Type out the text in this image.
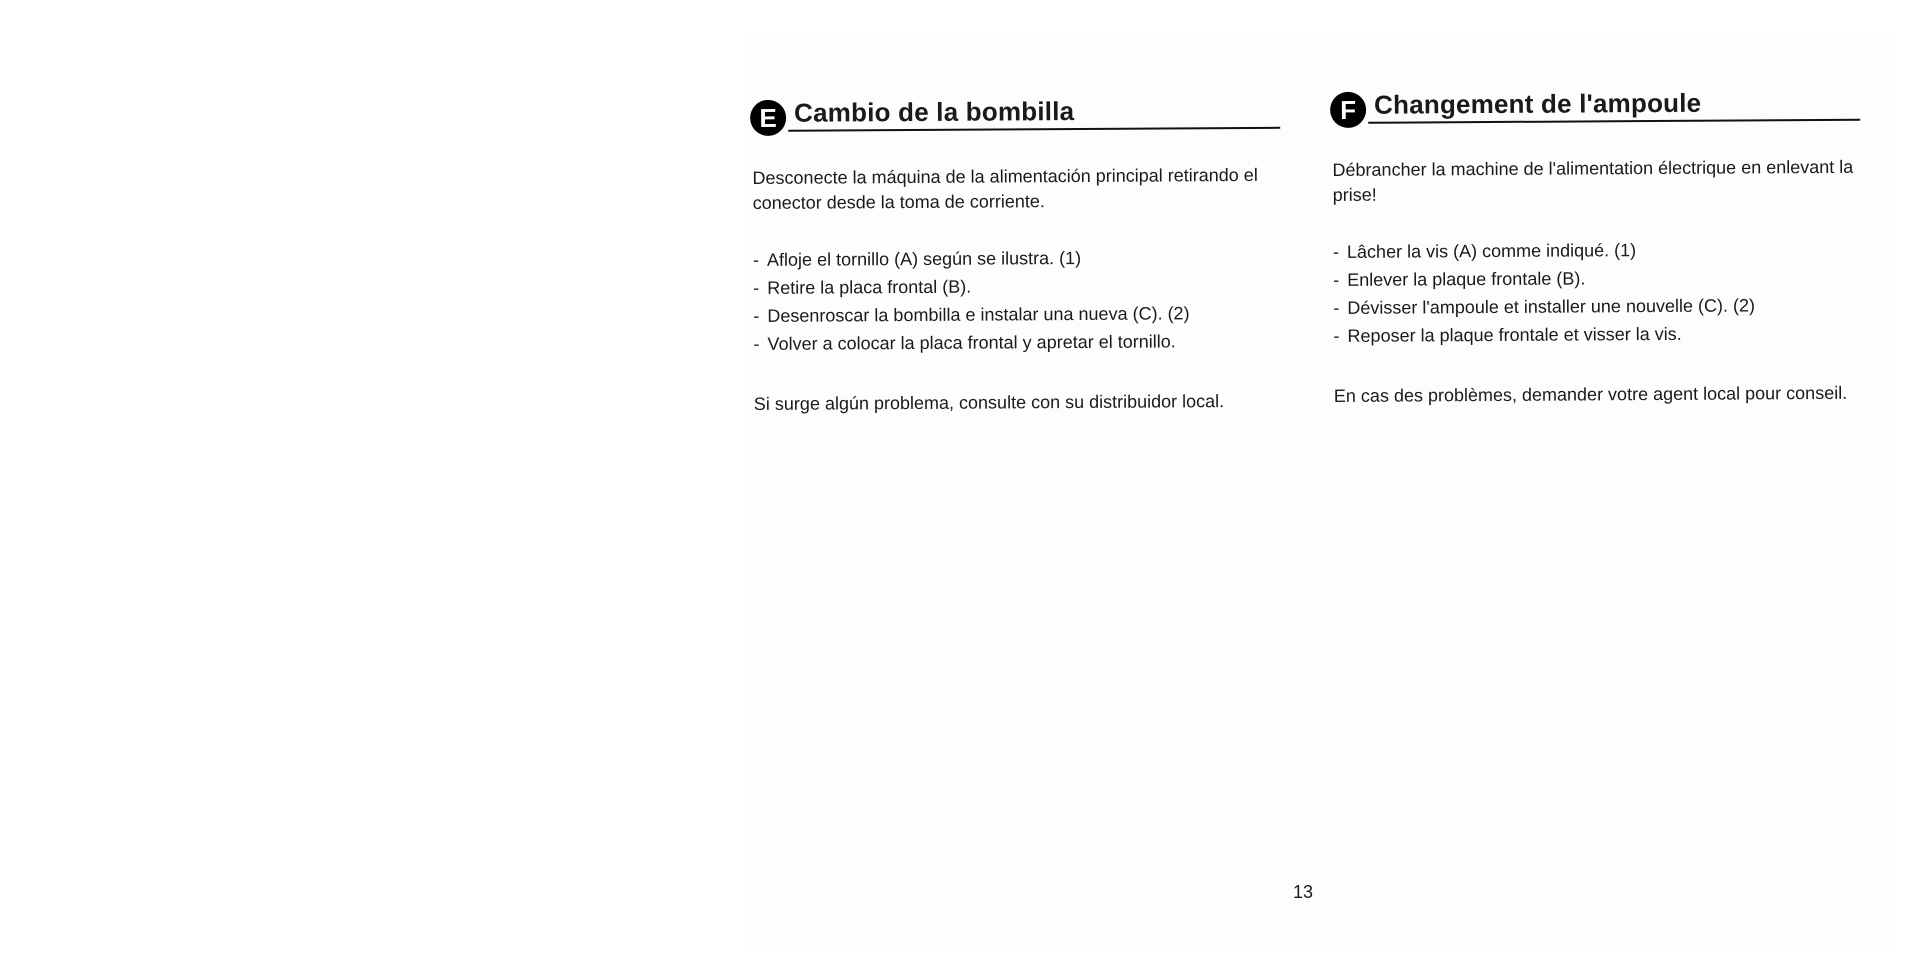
E Cambio de la bombilla

Desconecte la máquina de la alimentación principal retirando el conector desde la toma de corriente.

- Afloje el tornillo (A) según se ilustra. (1)
- Retire la placa frontal (B).
- Desenroscar la bombilla e instalar una nueva (C). (2)
- Volver a colocar la placa frontal y apretar el tornillo.

Si surge algún problema, consulte con su distribuidor local.

F Changement de l'ampoule

Débrancher la machine de l'alimentation électrique en enlevant la prise!

- Lâcher la vis (A) comme indiqué. (1)
- Enlever la plaque frontale (B).
- Dévisser l'ampoule et installer une nouvelle (C). (2)
- Reposer la plaque frontale et visser la vis.

En cas des problèmes, demander votre agent local pour conseil.

13
